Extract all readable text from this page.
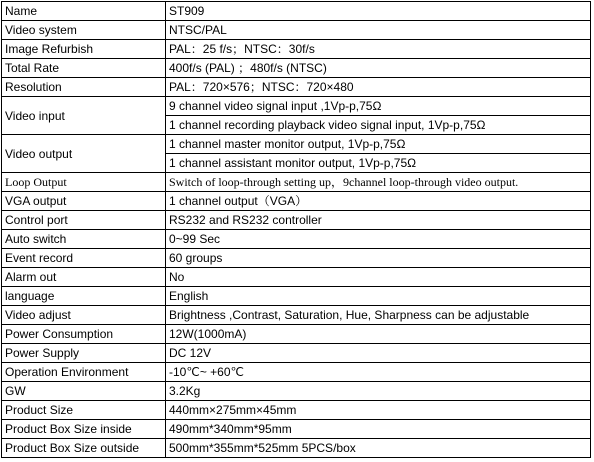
Name	ST909
Video system	NTSC/PAL
Image Refurbish	PAL：25 f/s；NTSC：30f/s
Total Rate	400f/s (PAL) ；480f/s (NTSC)
Resolution	PAL：720×576；NTSC：720×480
Video input	9 channel video signal input ,1Vp-p,75Ω
	1 channel recording playback video signal input, 1Vp-p,75Ω
Video output	1 channel master monitor output, 1Vp-p,75Ω
	1 channel assistant monitor output, 1Vp-p,75Ω
Loop Output	Switch of loop-through setting up，9channel loop-through video output.
VGA output	1 channel output（VGA）
Control port	RS232 and RS232 controller
Auto switch	0~99 Sec
Event record	60 groups
Alarm out	No
language	English
Video adjust	Brightness ,Contrast, Saturation, Hue, Sharpness can be adjustable
Power Consumption	12W(1000mA)
Power Supply	DC 12V
Operation Environment	-10℃~ +60℃
GW	3.2Kg
Product Size	440mm×275mm×45mm
Product Box Size inside	490mm*340mm*95mm
Product Box Size outside	500mm*355mm*525mm 5PCS/box
